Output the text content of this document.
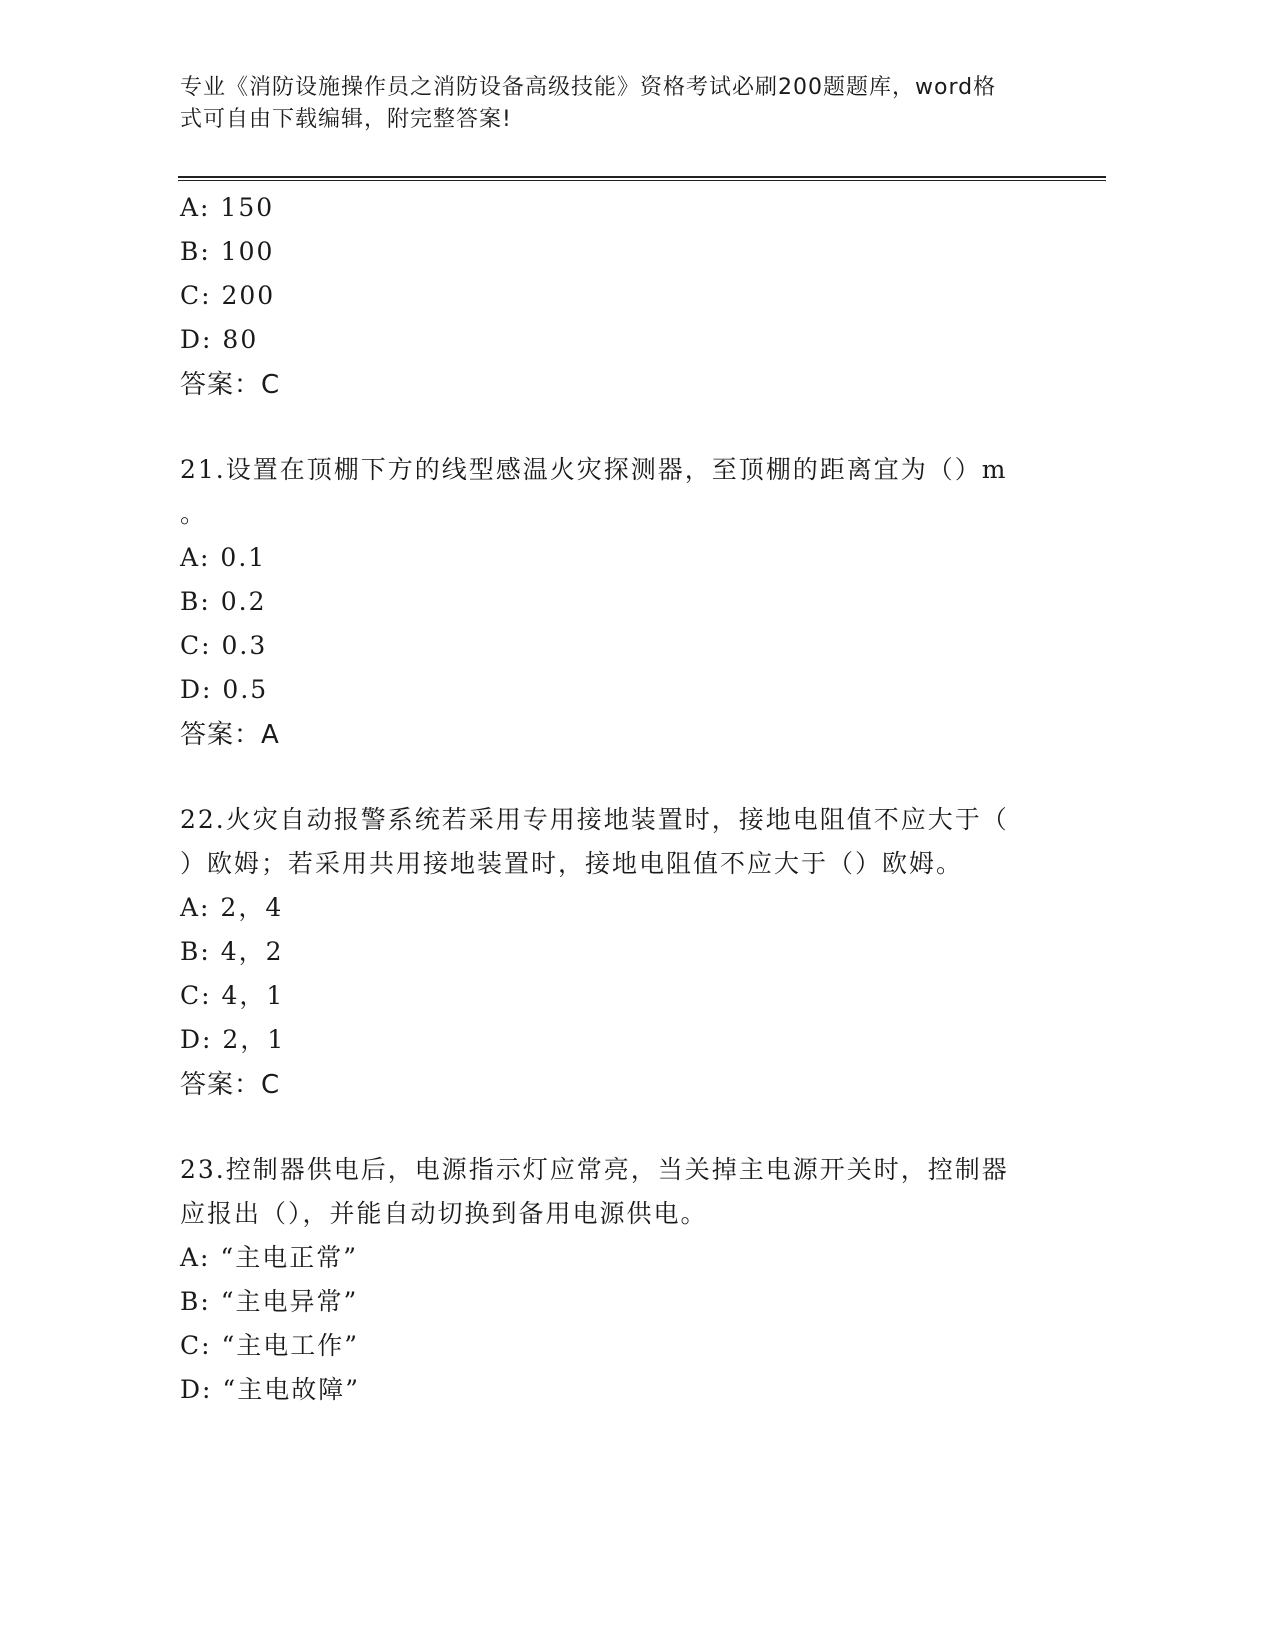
专业《消防设施操作员之消防设备高级技能》资格考试必刷200题题库，word格
式可自由下载编辑，附完整答案!
A: 150
B: 100
C: 200
D: 80
答案：C
21.设置在顶棚下方的线型感温火灾探测器，至顶棚的距离宜为（）m
。
A: 0.1
B: 0.2
C: 0.3
D: 0.5
答案：A
22.火灾自动报警系统若采用专用接地装置时，接地电阻值不应大于（
）欧姆；若采用共用接地装置时，接地电阻值不应大于（）欧姆。
A: 2，4
B: 4，2
C: 4，1
D: 2，1
答案：C
23.控制器供电后，电源指示灯应常亮，当关掉主电源开关时，控制器
应报出（），并能自动切换到备用电源供电。
A: “主电正常”
B: “主电异常”
C: “主电工作”
D: “主电故障”
